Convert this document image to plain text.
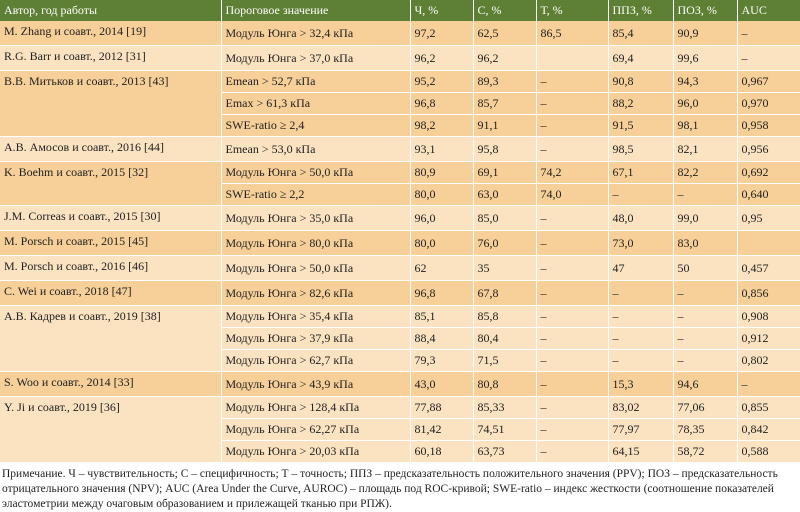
Автор, год работы	Пороговое значение	Ч, %	С, %	Т, %	ППЗ, %	ПОЗ, %	AUC
M. Zhang и соавт., 2014 [19]	Модуль Юнга > 32,4 кПа	97,2	62,5	86,5	85,4	90,9	–
R.G. Barr и соавт., 2012 [31]	Модуль Юнга > 37,0 кПа	96,2	96,2		69,4	99,6	–
В.В. Митьков и соавт., 2013 [43]	Emean > 52,7 кПа	95,2	89,3	–	90,8	94,3	0,967
	Emax > 61,3 кПа	96,8	85,7	–	88,2	96,0	0,970
	SWE-ratio ≥ 2,4	98,2	91,1	–	91,5	98,1	0,958
А.В. Амосов и соавт., 2016 [44]	Emean > 53,0 кПа	93,1	95,8	–	98,5	82,1	0,956
K. Boehm и соавт., 2015 [32]	Модуль Юнга > 50,0 кПа	80,9	69,1	74,2	67,1	82,2	0,692
	SWE-ratio ≥ 2,2	80,0	63,0	74,0	–	–	0,640
J.M. Correas и соавт., 2015 [30]	Модуль Юнга > 35,0 кПа	96,0	85,0	–	48,0	99,0	0,95
M. Porsch и соавт., 2015 [45]	Модуль Юнга > 80,0 кПа	80,0	76,0	–	73,0	83,0	
M. Porsch и соавт., 2016 [46]	Модуль Юнга > 50,0 кПа	62	35	–	47	50	0,457
C. Wei и соавт., 2018 [47]	Модуль Юнга > 82,6 кПа	96,8	67,8	–	–	–	0,856
А.В. Кадрев и соавт., 2019 [38]	Модуль Юнга > 35,4 кПа	85,1	85,8	–	–	–	0,908
	Модуль Юнга > 37,9 кПа	88,4	80,4	–	–	–	0,912
	Модуль Юнга > 62,7 кПа	79,3	71,5	–	–	–	0,802
S. Woo и соавт., 2014 [33]	Модуль Юнга > 43,9 кПа	43,0	80,8	–	15,3	94,6	–
Y. Ji и соавт., 2019 [36]	Модуль Юнга > 128,4 кПа	77,88	85,33	–	83,02	77,06	0,855
	Модуль Юнга > 62,27 кПа	81,42	74,51	–	77,97	78,35	0,842
	Модуль Юнга > 20,03 кПа	60,18	63,73	–	64,15	58,72	0,588
Примечание. Ч – чувствительность; С – специфичность; Т – точность; ППЗ – предсказательность положительного значения (PPV); ПОЗ – предсказательность отрицательного значения (NPV); AUC (Area Under the Curve, AUROC) – площадь под ROC-кривой; SWE-ratio – индекс жесткости (соотношение показателей эластометрии между очаговым образованием и прилежащей тканью при РПЖ).
